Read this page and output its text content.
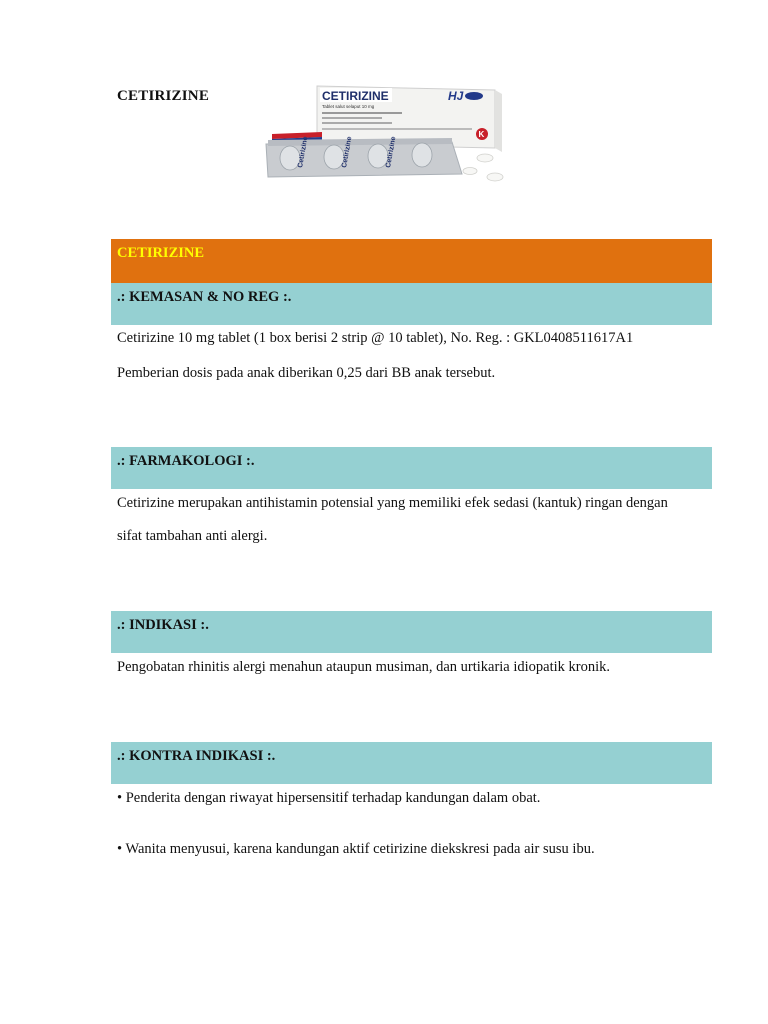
CETIRIZINE	CETIRIZINE
Tablet salut selaput 10 mg
HJ
K
Cetirizine	Cetirizine	Cetirizine
CETIRIZINE
.: KEMASAN & NO REG :.
Cetirizine 10 mg tablet (1 box berisi 2 strip @ 10 tablet), No. Reg. : GKL0408511617A1
Pemberian dosis pada anak diberikan 0,25 dari BB anak tersebut.
.: FARMAKOLOGI :.
Cetirizine merupakan antihistamin potensial yang memiliki efek sedasi (kantuk) ringan dengan
sifat tambahan anti alergi.
.: INDIKASI :.
Pengobatan rhinitis alergi menahun ataupun musiman, dan urtikaria idiopatik kronik.
.: KONTRA INDIKASI :.
• Penderita dengan riwayat hipersensitif terhadap kandungan dalam obat.
• Wanita menyusui, karena kandungan aktif cetirizine diekskresi pada air susu ibu.
